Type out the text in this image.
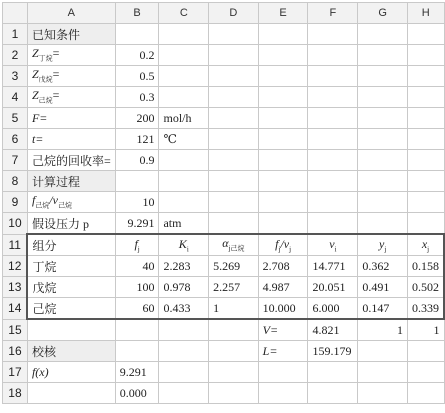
	A	B	C	D	E	F	G	H
1	已知条件							
2	$Z_{丁烷}=$	0.2						
3	$Z_{戊烷}=$	0.5						
4	$Z_{己烷}=$	0.3						
5	F=	200	mol/h					
6	t=	121	℃					
7	己烷的回收率=	0.9						
8	计算过程							
9	$f_{己烷}/v_{己烷}$	10						
10	假设压力 p	9.291	atm					
11	组分	$f_j$	$K_i$	$\alpha_{j己烷}$	$f_j/v_j$	$v_i$	$y_j$	$x_j$
12	丁烷	40	2.283	5.269	2.708	14.771	0.362	0.158
13	戊烷	100	0.978	2.257	4.987	20.051	0.491	0.502
14	己烷	60	0.433	1	10.000	6.000	0.147	0.339
15					V=	4.821	1	1
16	校核				L=	159.179		
17	f(x)	9.291						
18		0.000						
